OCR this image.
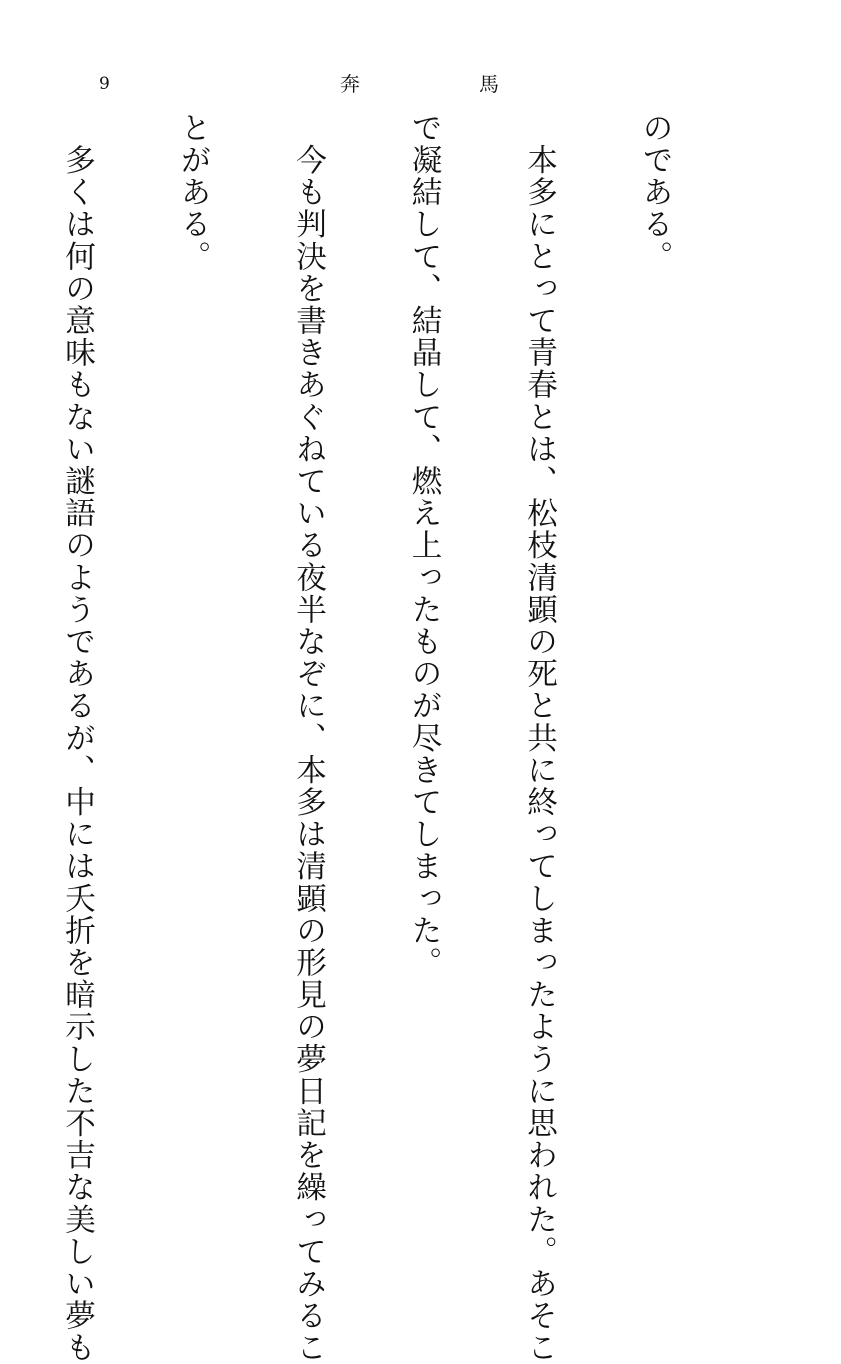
9	奔	馬

のである。

　本多にとって青春とは、松枝清顕の死と共に終ってしまったように思われた。あそこ

で凝結して、結晶して、燃え上ったものが尽きてしまった。

　今も判決を書きあぐねている夜半なぞに、本多は清顕の形見の夢日記を繰ってみるこ

とがある。

　多くは何の意味もない謎語のようであるが、中には夭折を暗示した不吉な美しい夢も
